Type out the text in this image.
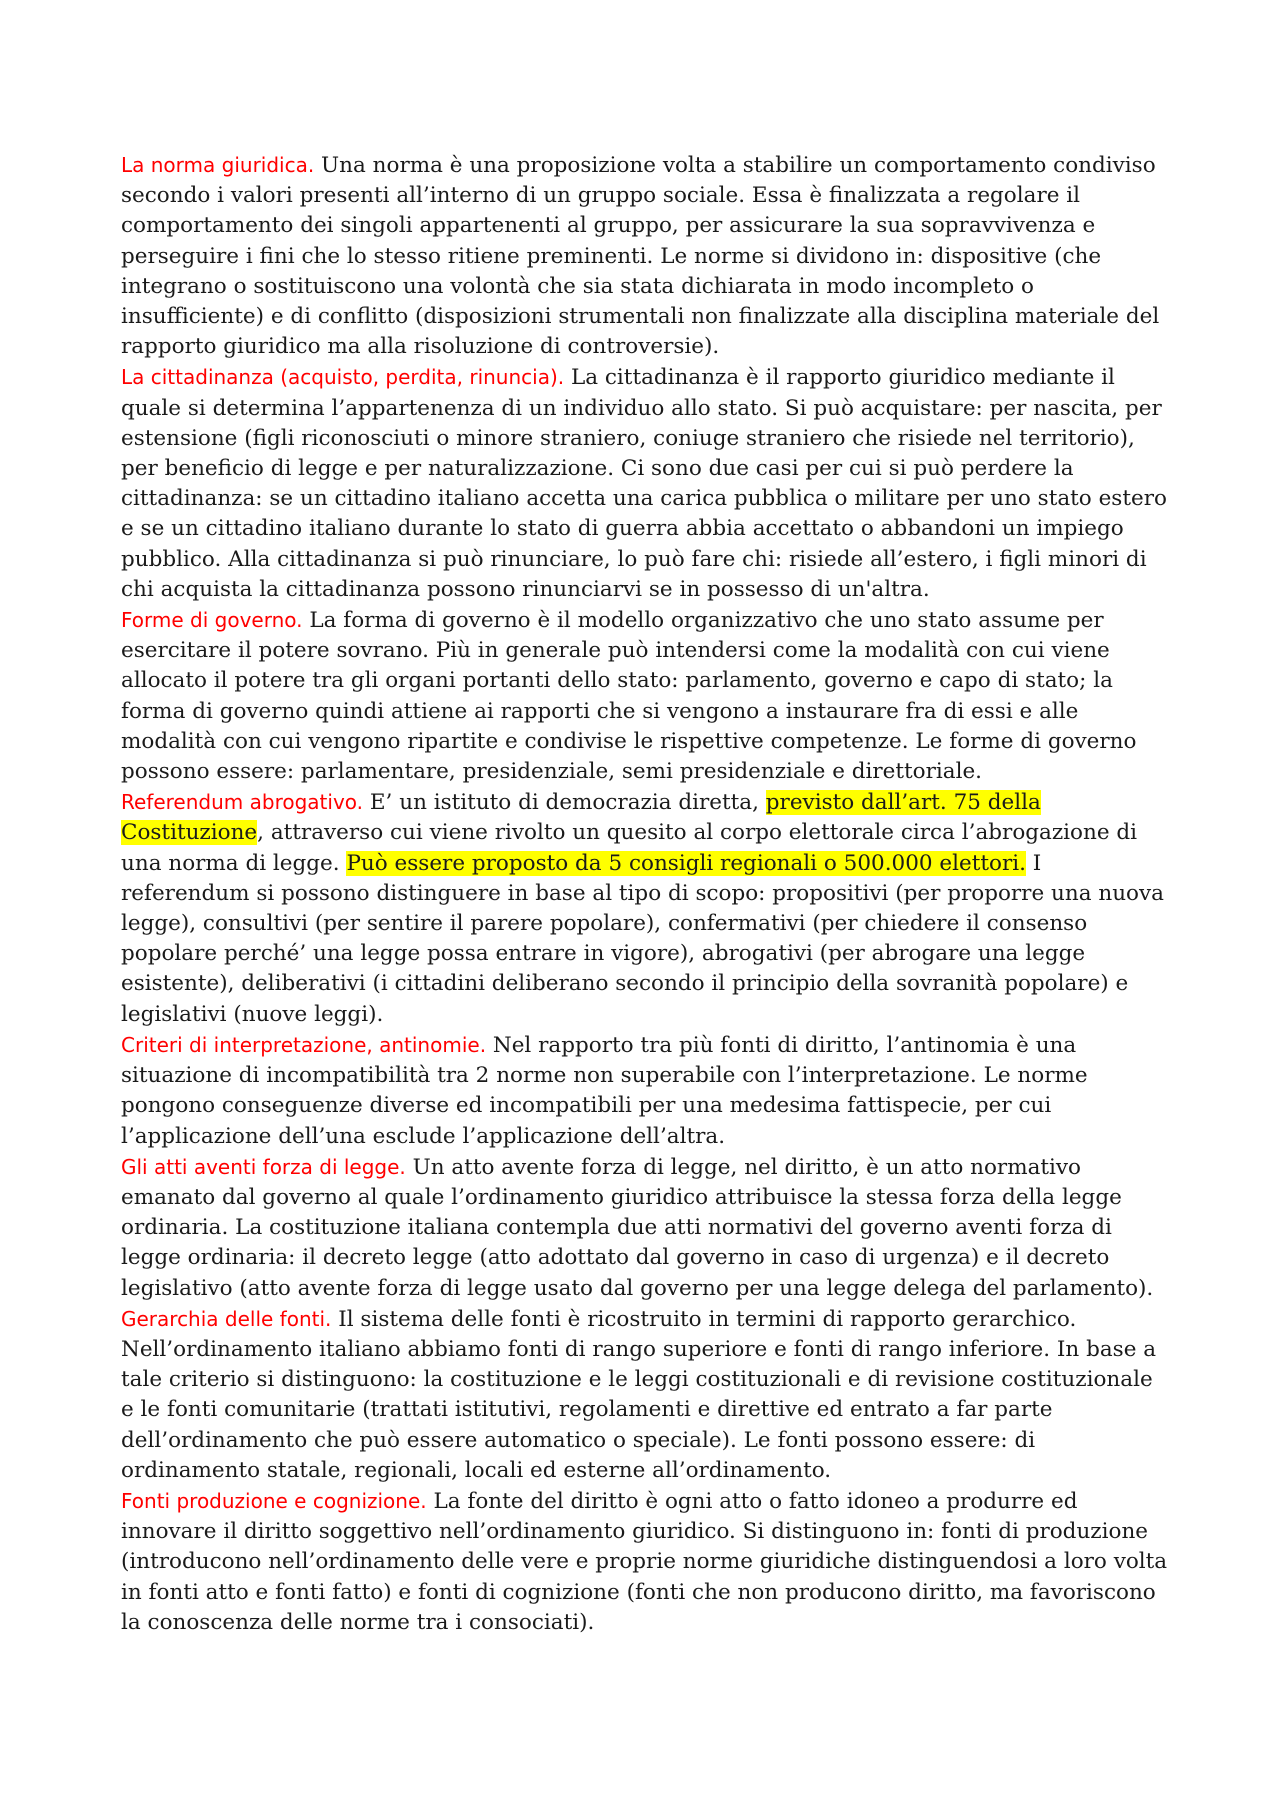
La norma giuridica. Una norma è una proposizione volta a stabilire un comportamento condiviso secondo i valori presenti all’interno di un gruppo sociale. Essa è finalizzata a regolare il comportamento dei singoli appartenenti al gruppo, per assicurare la sua sopravvivenza e perseguire i fini che lo stesso ritiene preminenti. Le norme si dividono in: dispositive (che integrano o sostituiscono una volontà che sia stata dichiarata in modo incompleto o insufficiente) e di conflitto (disposizioni strumentali non finalizzate alla disciplina materiale del rapporto giuridico ma alla risoluzione di controversie).

La cittadinanza (acquisto, perdita, rinuncia). La cittadinanza è il rapporto giuridico mediante il quale si determina l’appartenenza di un individuo allo stato. Si può acquistare: per nascita, per estensione (figli riconosciuti o minore straniero, coniuge straniero che risiede nel territorio), per beneficio di legge e per naturalizzazione. Ci sono due casi per cui si può perdere la cittadinanza: se un cittadino italiano accetta una carica pubblica o militare per uno stato estero e se un cittadino italiano durante lo stato di guerra abbia accettato o abbandoni un impiego pubblico. Alla cittadinanza si può rinunciare, lo può fare chi: risiede all’estero, i figli minori di chi acquista la cittadinanza possono rinunciarvi se in possesso di un'altra.

Forme di governo. La forma di governo è il modello organizzativo che uno stato assume per esercitare il potere sovrano. Più in generale può intendersi come la modalità con cui viene allocato il potere tra gli organi portanti dello stato: parlamento, governo e capo di stato; la forma di governo quindi attiene ai rapporti che si vengono a instaurare fra di essi e alle modalità con cui vengono ripartite e condivise le rispettive competenze. Le forme di governo possono essere: parlamentare, presidenziale, semi presidenziale e direttoriale.

Referendum abrogativo. E’ un istituto di democrazia diretta, previsto dall’art. 75 della Costituzione, attraverso cui viene rivolto un quesito al corpo elettorale circa l’abrogazione di una norma di legge. Può essere proposto da 5 consigli regionali o 500.000 elettori. I referendum si possono distinguere in base al tipo di scopo: propositivi (per proporre una nuova legge), consultivi (per sentire il parere popolare), confermativi (per chiedere il consenso popolare perché’ una legge possa entrare in vigore), abrogativi (per abrogare una legge esistente), deliberativi (i cittadini deliberano secondo il principio della sovranità popolare) e legislativi (nuove leggi).

Criteri di interpretazione, antinomie. Nel rapporto tra più fonti di diritto, l’antinomia è una situazione di incompatibilità tra 2 norme non superabile con l’interpretazione. Le norme pongono conseguenze diverse ed incompatibili per una medesima fattispecie, per cui l’applicazione dell’una esclude l’applicazione dell’altra.

Gli atti aventi forza di legge. Un atto avente forza di legge, nel diritto, è un atto normativo emanato dal governo al quale l’ordinamento giuridico attribuisce la stessa forza della legge ordinaria. La costituzione italiana contempla due atti normativi del governo aventi forza di legge ordinaria: il decreto legge (atto adottato dal governo in caso di urgenza) e il decreto legislativo (atto avente forza di legge usato dal governo per una legge delega del parlamento).

Gerarchia delle fonti. Il sistema delle fonti è ricostruito in termini di rapporto gerarchico. Nell’ordinamento italiano abbiamo fonti di rango superiore e fonti di rango inferiore. In base a tale criterio si distinguono: la costituzione e le leggi costituzionali e di revisione costituzionale e le fonti comunitarie (trattati istitutivi, regolamenti e direttive ed entrato a far parte dell’ordinamento che può essere automatico o speciale). Le fonti possono essere: di ordinamento statale, regionali, locali ed esterne all’ordinamento.

Fonti produzione e cognizione. La fonte del diritto è ogni atto o fatto idoneo a produrre ed innovare il diritto soggettivo nell’ordinamento giuridico. Si distinguono in: fonti di produzione (introducono nell’ordinamento delle vere e proprie norme giuridiche distinguendosi a loro volta in fonti atto e fonti fatto) e fonti di cognizione (fonti che non producono diritto, ma favoriscono la conoscenza delle norme tra i consociati).
